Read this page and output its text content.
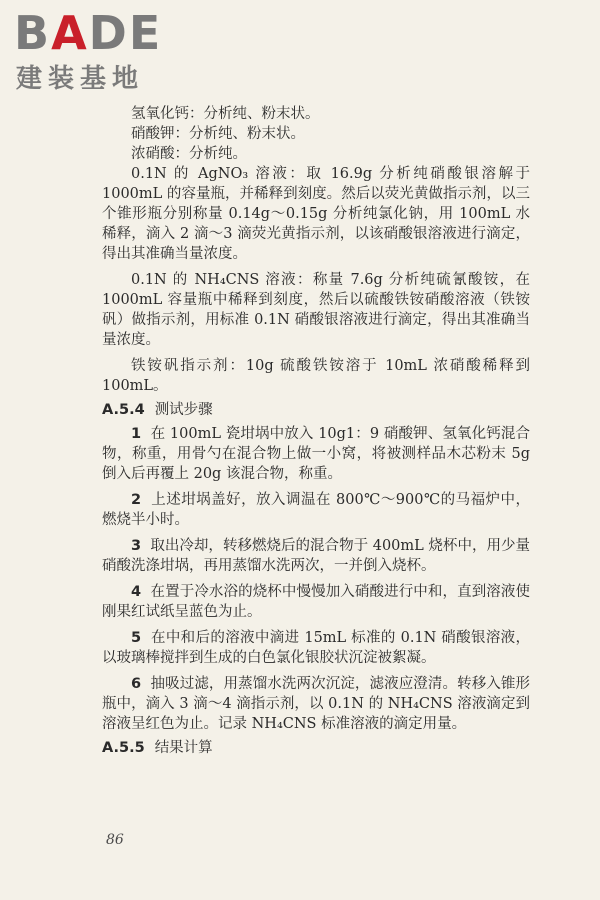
BADE
建装基地

氢氧化钙：分析纯、粉末状。

硝酸钾：分析纯、粉末状。

浓硝酸：分析纯。

0.1N 的 AgNO₃ 溶液：取 16.9g 分析纯硝酸银溶解于1000mL 的容量瓶，并稀释到刻度。然后以荧光黄做指示剂，以三个锥形瓶分别称量 0.14g～0.15g 分析纯氯化钠，用 100mL 水稀释，滴入 2 滴～3 滴荧光黄指示剂，以该硝酸银溶液进行滴定，得出其准确当量浓度。

0.1N 的 NH₄CNS 溶液：称量 7.6g 分析纯硫氰酸铵，在1000mL 容量瓶中稀释到刻度，然后以硫酸铁铵硝酸溶液（铁铵矾）做指示剂，用标准 0.1N 硝酸银溶液进行滴定，得出其准确当量浓度。

铁铵矾指示剂：10g 硫酸铁铵溶于 10mL 浓硝酸稀释到 100mL。

A.5.4 测试步骤

1 在 100mL 瓷坩埚中放入 10g1：9 硝酸钾、氢氧化钙混合物，称重，用骨勺在混合物上做一小窝，将被测样品木芯粉末 5g 倒入后再覆上 20g 该混合物，称重。

2 上述坩埚盖好，放入调温在 800℃～900℃的马福炉中，燃烧半小时。

3 取出冷却，转移燃烧后的混合物于 400mL 烧杯中，用少量硝酸洗涤坩埚，再用蒸馏水洗两次，一并倒入烧杯。

4 在置于冷水浴的烧杯中慢慢加入硝酸进行中和，直到溶液使刚果红试纸呈蓝色为止。

5 在中和后的溶液中滴进 15mL 标准的 0.1N 硝酸银溶液，以玻璃棒搅拌到生成的白色氯化银胶状沉淀被絮凝。

6 抽吸过滤，用蒸馏水洗两次沉淀，滤液应澄清。转移入锥形瓶中，滴入 3 滴～4 滴指示剂，以 0.1N 的 NH₄CNS 溶液滴定到溶液呈红色为止。记录 NH₄CNS 标准溶液的滴定用量。

A.5.5 结果计算
86
